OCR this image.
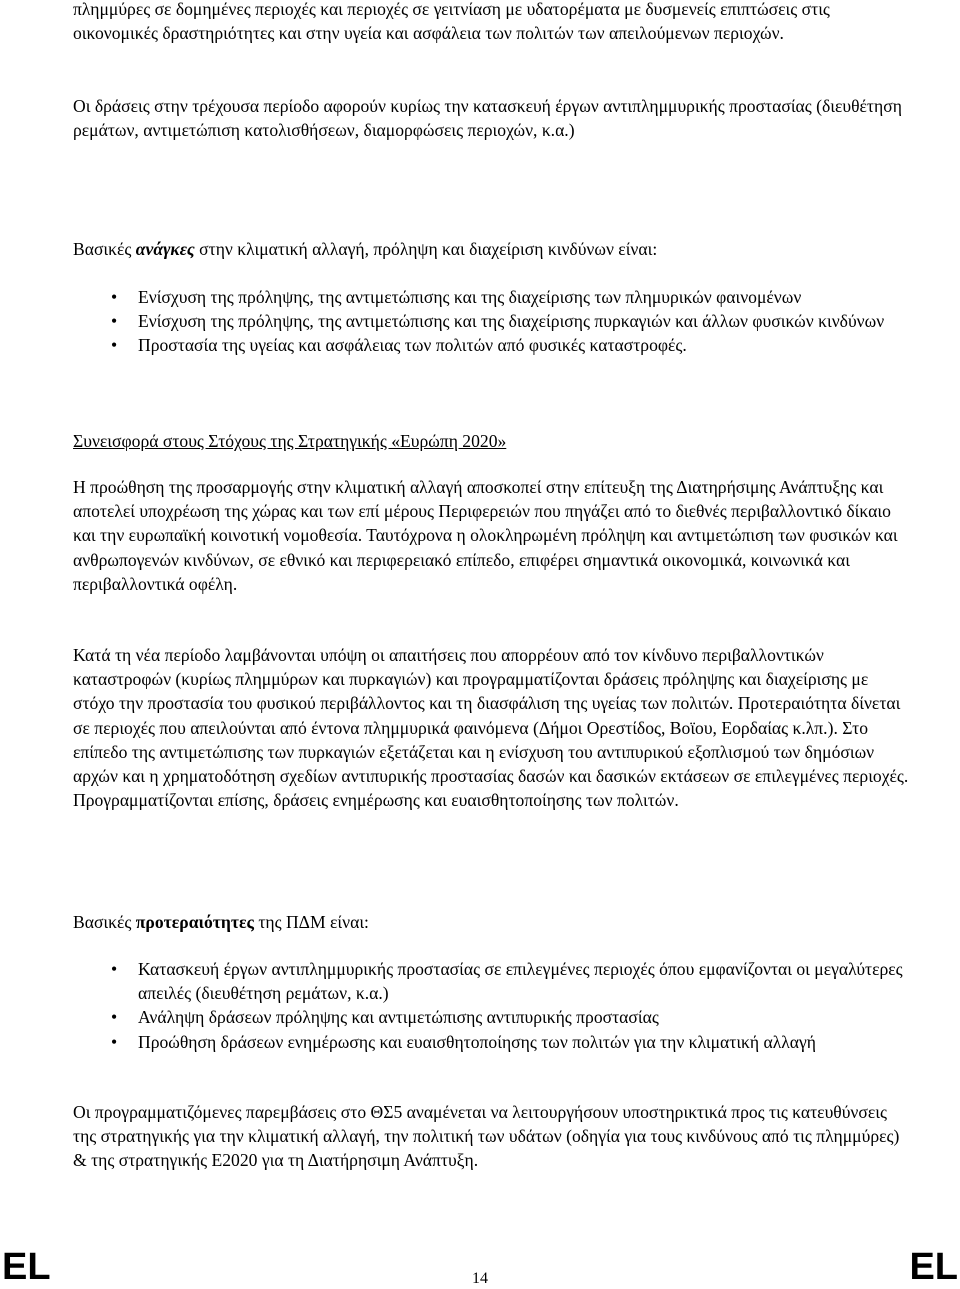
πλημμύρες σε δομημένες περιοχές και περιοχές σε γειτνίαση με υδατορέματα με δυσμενείς επιπτώσεις στις οικονομικές δραστηριότητες και στην υγεία και ασφάλεια των πολιτών των απειλούμενων περιοχών.

Οι δράσεις στην τρέχουσα περίοδο αφορούν κυρίως την κατασκευή έργων αντιπλημμυρικής προστασίας (διευθέτηση ρεμάτων, αντιμετώπιση κατολισθήσεων, διαμορφώσεις περιοχών, κ.α.)

Βασικές ανάγκες στην κλιματική αλλαγή, πρόληψη και διαχείριση κινδύνων είναι:

• Ενίσχυση της πρόληψης, της αντιμετώπισης και της διαχείρισης των πλημυρικών φαινομένων
• Ενίσχυση της πρόληψης, της αντιμετώπισης και της διαχείρισης πυρκαγιών και άλλων φυσικών κινδύνων
• Προστασία της υγείας και ασφάλειας των πολιτών από φυσικές καταστροφές.

Συνεισφορά στους Στόχους της Στρατηγικής «Ευρώπη 2020»

Η προώθηση της προσαρμογής στην κλιματική αλλαγή αποσκοπεί στην επίτευξη της Διατηρήσιμης Ανάπτυξης και αποτελεί υποχρέωση της χώρας και των επί μέρους Περιφερειών που πηγάζει από το διεθνές περιβαλλοντικό δίκαιο και την ευρωπαϊκή κοινοτική νομοθεσία. Ταυτόχρονα η ολοκληρωμένη πρόληψη και αντιμετώπιση των φυσικών και ανθρωπογενών κινδύνων, σε εθνικό και περιφερειακό επίπεδο, επιφέρει σημαντικά οικονομικά, κοινωνικά και περιβαλλοντικά οφέλη.

Κατά τη νέα περίοδο λαμβάνονται υπόψη οι απαιτήσεις που απορρέουν από τον κίνδυνο περιβαλλοντικών καταστροφών (κυρίως πλημμύρων και πυρκαγιών) και προγραμματίζονται δράσεις πρόληψης και διαχείρισης με στόχο την προστασία του φυσικού περιβάλλοντος και τη διασφάλιση της υγείας των πολιτών. Προτεραιότητα δίνεται σε περιοχές που απειλούνται από έντονα πλημμυρικά φαινόμενα (Δήμοι Ορεστίδος, Βοϊου, Εορδαίας κ.λπ.). Στο επίπεδο της αντιμετώπισης των πυρκαγιών εξετάζεται και η ενίσχυση του αντιπυρικού εξοπλισμού των δημόσιων αρχών και η χρηματοδότηση σχεδίων αντιπυρικής προστασίας δασών και δασικών εκτάσεων σε επιλεγμένες περιοχές. Προγραμματίζονται επίσης, δράσεις ενημέρωσης και ευαισθητοποίησης των πολιτών.

Βασικές προτεραιότητες της ΠΔΜ είναι:

• Κατασκευή έργων αντιπλημμυρικής προστασίας σε επιλεγμένες περιοχές όπου εμφανίζονται οι μεγαλύτερες απειλές (διευθέτηση ρεμάτων, κ.α.)
• Ανάληψη δράσεων πρόληψης και αντιμετώπισης αντιπυρικής προστασίας
• Προώθηση δράσεων ενημέρωσης και ευαισθητοποίησης των πολιτών για την κλιματική αλλαγή

Οι προγραμματιζόμενες παρεμβάσεις στο ΘΣ5 αναμένεται να λειτουργήσουν υποστηρικτικά προς τις κατευθύνσεις της στρατηγικής για την κλιματική αλλαγή, την πολιτική των υδάτων (οδηγία για τους κινδύνους από τις πλημμύρες) & της στρατηγικής Ε2020 για τη Διατήρησιμη Ανάπτυξη.

EL	14	EL
